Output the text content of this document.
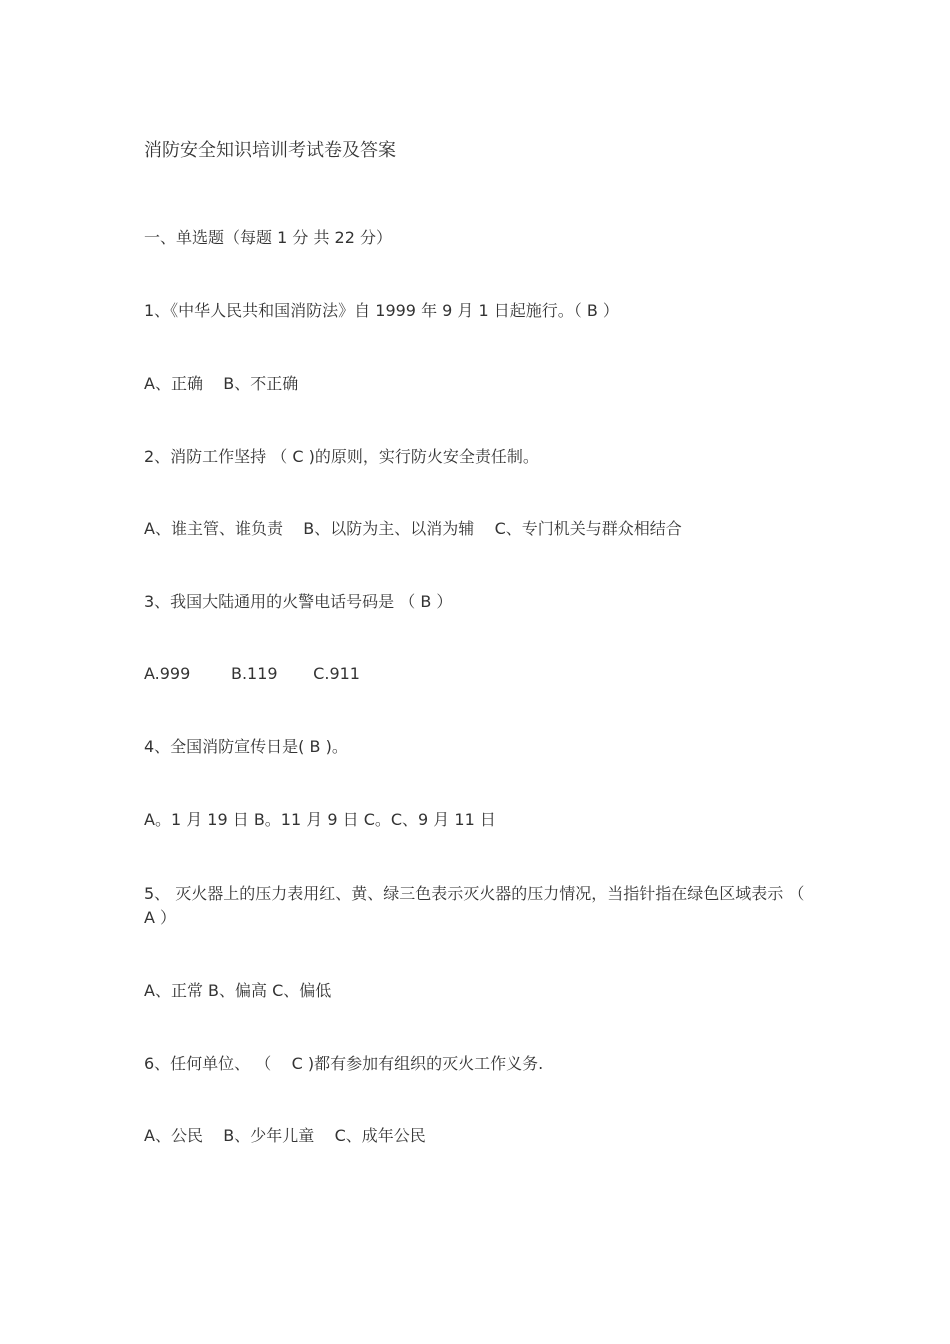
消防安全知识培训考试卷及答案
一、单选题（每题 1 分 共 22 分）
1、《中华人民共和国消防法》自 1999 年 9 月 1 日起施行。（ B ）
A、正确    B、不正确
2、消防工作坚持 （ C )的原则，实行防火安全责任制。
A、谁主管、谁负责    B、以防为主、以消为辅    C、专门机关与群众相结合
3、我国大陆通用的火警电话号码是 （ B ）
A.999        B.119       C.911
4、全国消防宣传日是( B )。
A。1 月 19 日 B。11 月 9 日 C。C、9 月 11 日
5、 灭火器上的压力表用红、黄、绿三色表示灭火器的压力情况，当指针指在绿色区域表示 （ A ）
A、正常 B、偏高 C、偏低
6、任何单位、 （    C )都有参加有组织的灭火工作义务.
A、公民    B、少年儿童    C、成年公民
